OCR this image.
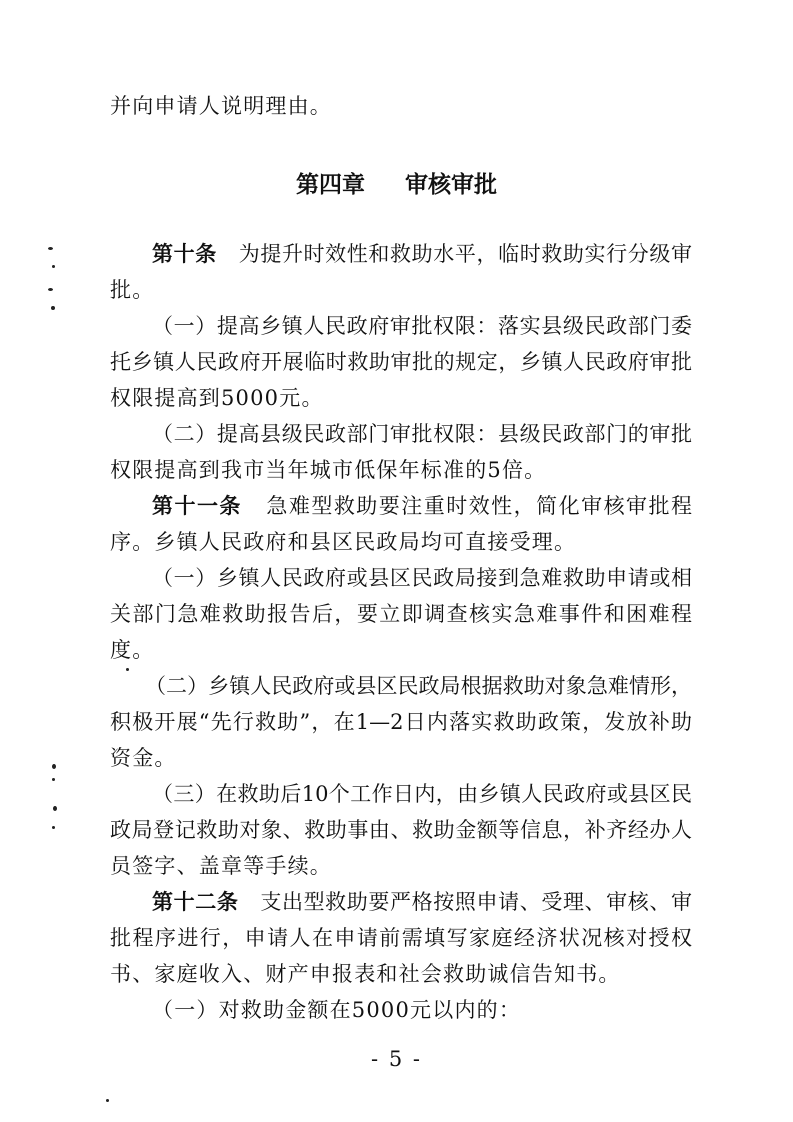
并向申请人说明理由。
第四章 审核审批
第十条 为提升时效性和救助水平，临时救助实行分级审
批。
（一）提高乡镇人民政府审批权限：落实县级民政部门委
托乡镇人民政府开展临时救助审批的规定，乡镇人民政府审批
权限提高到5000元。
（二）提高县级民政部门审批权限：县级民政部门的审批
权限提高到我市当年城市低保年标准的5倍。
第十一条 急难型救助要注重时效性，简化审核审批程
序。乡镇人民政府和县区民政局均可直接受理。
（一）乡镇人民政府或县区民政局接到急难救助申请或相
关部门急难救助报告后，要立即调查核实急难事件和困难程
度。
（二）乡镇人民政府或县区民政局根据救助对象急难情形，
积极开展“先行救助”，在1—2日内落实救助政策，发放补助
资金。
（三）在救助后10个工作日内，由乡镇人民政府或县区民
政局登记救助对象、救助事由、救助金额等信息，补齐经办人
员签字、盖章等手续。
第十二条 支出型救助要严格按照申请、受理、审核、审
批程序进行，申请人在申请前需填写家庭经济状况核对授权
书、家庭收入、财产申报表和社会救助诚信告知书。
（一）对救助金额在5000元以内的：
- 5 -
